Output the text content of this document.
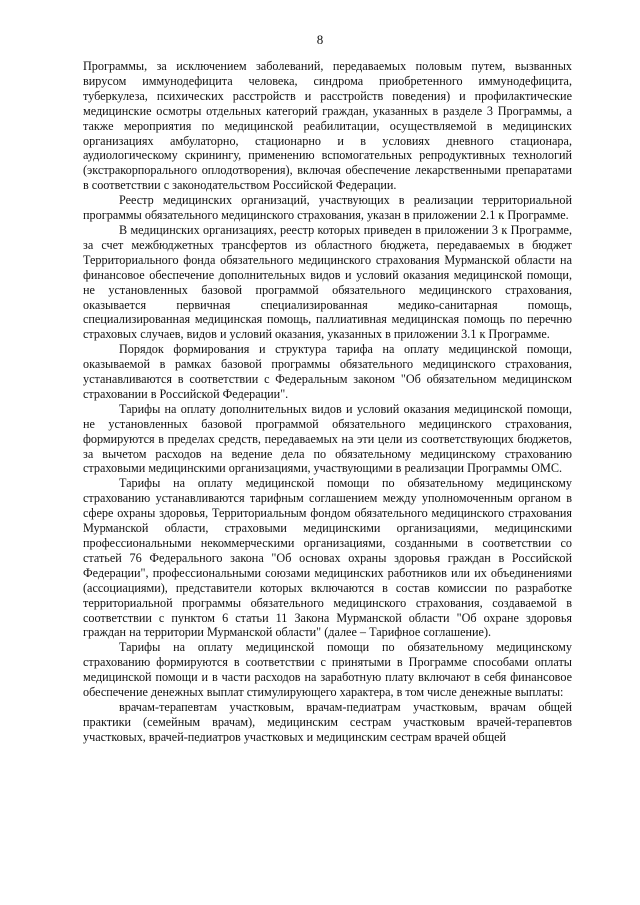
8

Программы, за исключением заболеваний, передаваемых половым путем, вызванных вирусом иммунодефицита человека, синдрома приобретенного иммунодефицита, туберкулеза, психических расстройств и расстройств поведения) и профилактические медицинские осмотры отдельных категорий граждан, указанных в разделе 3 Программы, а также мероприятия по медицинской реабилитации, осуществляемой в медицинских организациях амбулаторно, стационарно и в условиях дневного стационара, аудиологическому скринингу, применению вспомогательных репродуктивных технологий (экстракорпорального оплодотворения), включая обеспечение лекарственными препаратами в соответствии с законодательством Российской Федерации.

Реестр медицинских организаций, участвующих в реализации территориальной программы обязательного медицинского страхования, указан в приложении 2.1 к Программе.

В медицинских организациях, реестр которых приведен в приложении 3 к Программе, за счет межбюджетных трансфертов из областного бюджета, передаваемых в бюджет Территориального фонда обязательного медицинского страхования Мурманской области на финансовое обеспечение дополнительных видов и условий оказания медицинской помощи, не установленных базовой программой обязательного медицинского страхования, оказывается первичная специализированная медико-санитарная помощь, специализированная медицинская помощь, паллиативная медицинская помощь по перечню страховых случаев, видов и условий оказания, указанных в приложении 3.1 к Программе.

Порядок формирования и структура тарифа на оплату медицинской помощи, оказываемой в рамках базовой программы обязательного медицинского страхования, устанавливаются в соответствии с Федеральным законом "Об обязательном медицинском страховании в Российской Федерации".

Тарифы на оплату дополнительных видов и условий оказания медицинской помощи, не установленных базовой программой обязательного медицинского страхования, формируются в пределах средств, передаваемых на эти цели из соответствующих бюджетов, за вычетом расходов на ведение дела по обязательному медицинскому страхованию страховыми медицинскими организациями, участвующими в реализации Программы ОМС.

Тарифы на оплату медицинской помощи по обязательному медицинскому страхованию устанавливаются тарифным соглашением между уполномоченным органом в сфере охраны здоровья, Территориальным фондом обязательного медицинского страхования Мурманской области, страховыми медицинскими организациями, медицинскими профессиональными некоммерческими организациями, созданными в соответствии со статьей 76 Федерального закона "Об основах охраны здоровья граждан в Российской Федерации", профессиональными союзами медицинских работников или их объединениями (ассоциациями), представители которых включаются в состав комиссии по разработке территориальной программы обязательного медицинского страхования, создаваемой в соответствии с пунктом 6 статьи 11 Закона Мурманской области "Об охране здоровья граждан на территории Мурманской области" (далее – Тарифное соглашение).

Тарифы на оплату медицинской помощи по обязательному медицинскому страхованию формируются в соответствии с принятыми в Программе способами оплаты медицинской помощи и в части расходов на заработную плату включают в себя финансовое обеспечение денежных выплат стимулирующего характера, в том числе денежные выплаты:

врачам-терапевтам участковым, врачам-педиатрам участковым, врачам общей практики (семейным врачам), медицинским сестрам участковым врачей-терапевтов участковых, врачей-педиатров участковых и медицинским сестрам врачей общей
